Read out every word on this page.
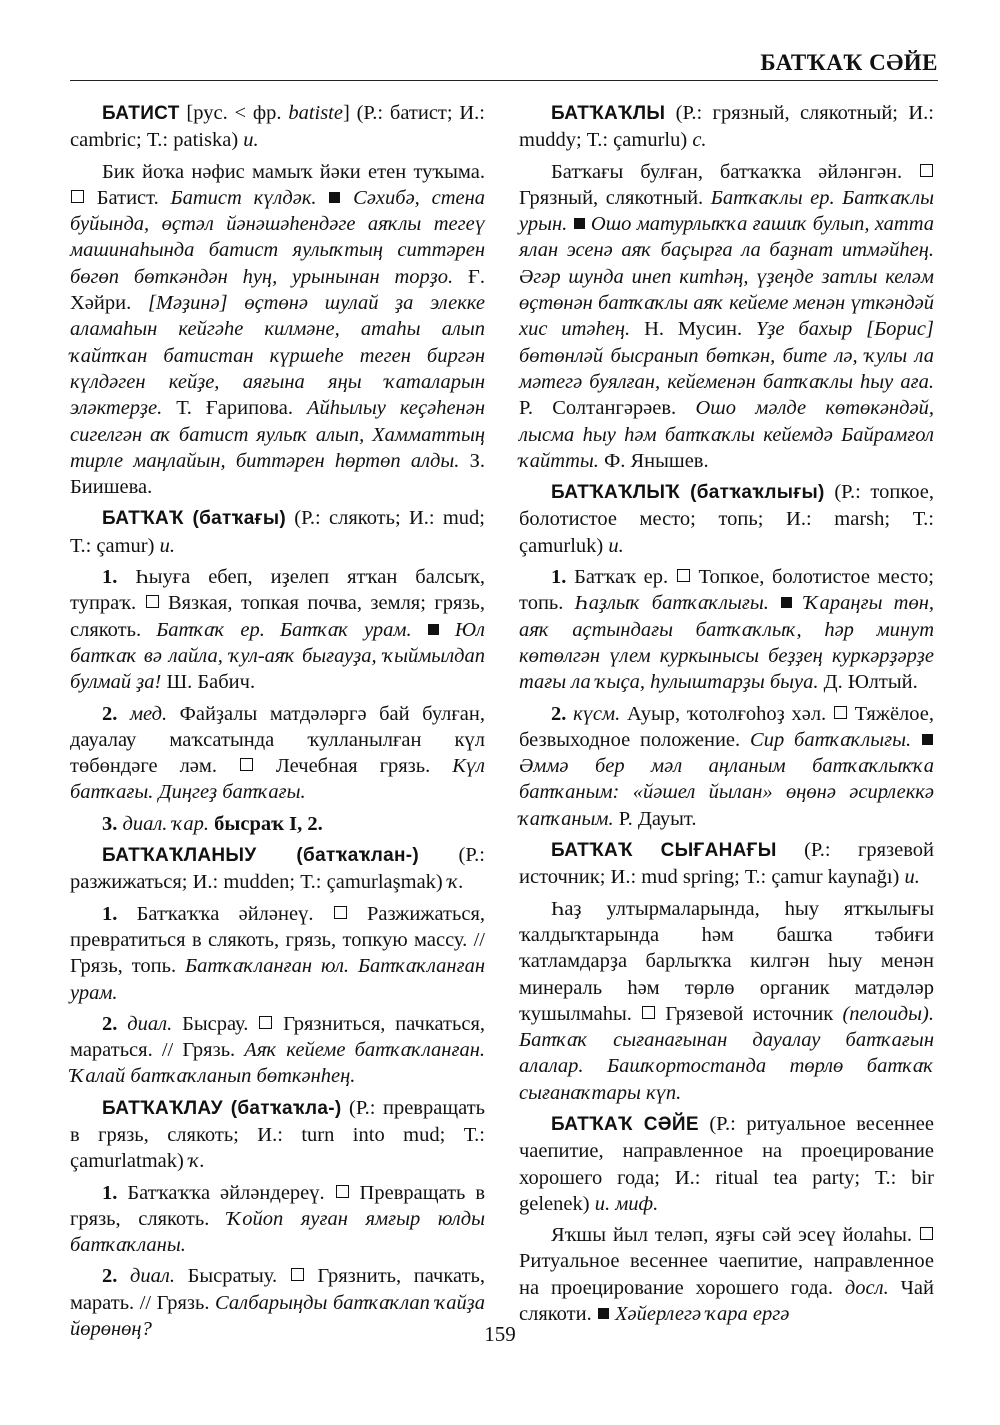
БАТҠАҠ СӘЙЕ

БАТИСТ [рус. < фр. batiste] (Р.: батист; И.: cambric; Т.: patiska) и.

Бик йоҡа нәфис мамыҡ йәки етен туҡыма.  Батист. Батист күлдәк. Сәхибә, стена буйында, өҫтәл йәнәшәһендәге аяҡлы тегеү машинаһында батист яулыҡтың ситтәрен бөгөп бөткәндән һуң, урынынан торҙо. Ғ. Хәйри. [Мәҙинә] өҫтөнә шулай ҙа элекке аламаһын кейгәһе килмәне, атаһы алып ҡайтҡан батистан күршеһе теген биргән күлдәген кейҙе, аяғына яңы ҡаталарын эләктерҙе. Т. Ғарипова. Айһылыу кеҫәһенән сигелгән аҡ батист яулыҡ алып, Хамматтың тирле маңлайын, биттәрен һөртөп алды. З. Биишева.

БАТҠАҠ (батҡағы) (Р.: слякоть; И.: mud; Т.: çamur) и.

1. Һыуға ебеп, иҙелеп ятҡан балсыҡ, тупраҡ.  Вязкая, топкая почва, земля; грязь, слякоть. Батҡаҡ ер. Батҡаҡ урам. Юл батҡаҡ вә лайла, ҡул-аяҡ бығауҙа, ҡыймылдап булмай ҙа! Ш. Бабич.

2. мед. Файҙалы матдәләргә бай булған, дауалау маҡсатында ҡулланылған күл төбөндәге ләм.  Лечебная грязь. Күл батҡағы. Диңгеҙ батҡағы.

3. диал. ҡар. бысраҡ I, 2.

БАТҠАҠЛАНЫУ (батҡаҡлан-) (Р.: разжижаться; И.: mudden; Т.: çamurlaşmak) ҡ.

1. Батҡаҡҡа әйләнеү.  Разжижаться, превратиться в слякоть, грязь, топкую массу. // Грязь, топь. Батҡаҡланған юл. Батҡаҡланған урам.

2. диал. Бысрау.  Грязниться, пачкаться, мараться. // Грязь. Аяҡ кейеме батҡаҡланған. Ҡалай батҡаҡланып бөткәнһең.

БАТҠАҠЛАУ (батҡаҡла-) (Р.: превращать в грязь, слякоть; И.: turn into mud; Т.: çamurlatmak) ҡ.

1. Батҡаҡҡа әйләндереү.  Превращать в грязь, слякоть. Ҡойоп яуған ямғыр юлды батҡаҡланы.

2. диал. Бысратыу.  Грязнить, пачкать, марать. // Грязь. Салбарыңды батҡаҡлап ҡайҙа йөрөнөң?

БАТҠАҠЛЫ (Р.: грязный, слякотный; И.: muddy; Т.: çamurlu) с.

Батҡағы булған, батҡаҡҡа әйләнгән.  Грязный, слякотный. Батҡаҡлы ер. Батҡаҡлы урын. Ошо матурлыҡҡа ғашиҡ булып, хатта ялан эсенә аяҡ баҫырға ла баҙнат итмәйһең. Әгәр шунда инеп китһәң, үҙеңде затлы келәм өҫтөнән батҡаҡлы аяҡ кейеме менән үткәндәй хис итәһең. Н. Мусин. Үҙе бахыр [Борис] бөтөнләй бысранып бөткән, бите лә, ҡулы ла мәтегә буялған, кейеменән батҡаҡлы һыу аға. Р. Солтангәрәев. Ошо мәлде көтөкәндәй, лысма һыу һәм батҡаҡлы кейемдә Байрамғол ҡайтты. Ф. Янышев.

БАТҠАҠЛЫҠ (батҡаҡлығы) (Р.: топкое, болотистое место; топь; И.: marsh; Т.: çamurluk) и.

1. Батҡаҡ ер.  Топкое, болотистое место; топь. Һаҙлыҡ батҡаҡлығы. Ҡараңғы төн, аяҡ аҫтындағы батҡаҡлыҡ, һәр минут көтөлгән үлем куркынысы беҙҙең куркәрҙәрҙе тағы ла ҡыҫа, һулыштарҙы быуа. Д. Юлтый.

2. күсм. Ауыр, ҡотолғоһоҙ хәл.  Тяжёлое, безвыходное положение. Сир батҡаҡлығы.  Әммә бер мәл аңланым батҡаҡлыҡҡа батҡаным: «йәшел йылан» өңөнә әсирлеккә ҡапҡаным. Р. Дауыт.

БАТҠАҠ СЫҒАНАҒЫ (Р.: грязевой источник; И.: mud spring; Т.: çamur kaynağı) и.

Һаҙ ултырмаларында, һыу ятҡылығы ҡалдыҡтарында һәм башҡа тәбиғи ҡатламдарҙа барлыҡҡа килгән һыу менән минераль һәм төрлө органик матдәләр ҡушылмаһы.  Грязевой источник (пелоиды). Батҡаҡ сығанағынан дауалау батҡағын алалар. Башҡортостанда төрлө батҡаҡ сығанаҡтары күп.

БАТҠАҠ СӘЙЕ (Р.: ритуальное весеннее чаепитие, направленное на проецирование хорошего года; И.: ritual tea party; Т.: bir gelenek) и. миф.

Яҡшы йыл теләп, яҙғы сәй эсеү йолаһы.  Ритуальное весеннее чаепитие, направленное на проецирование хорошего года. досл. Чай слякоти.  Хәйерлегә ҡара ергә

159
